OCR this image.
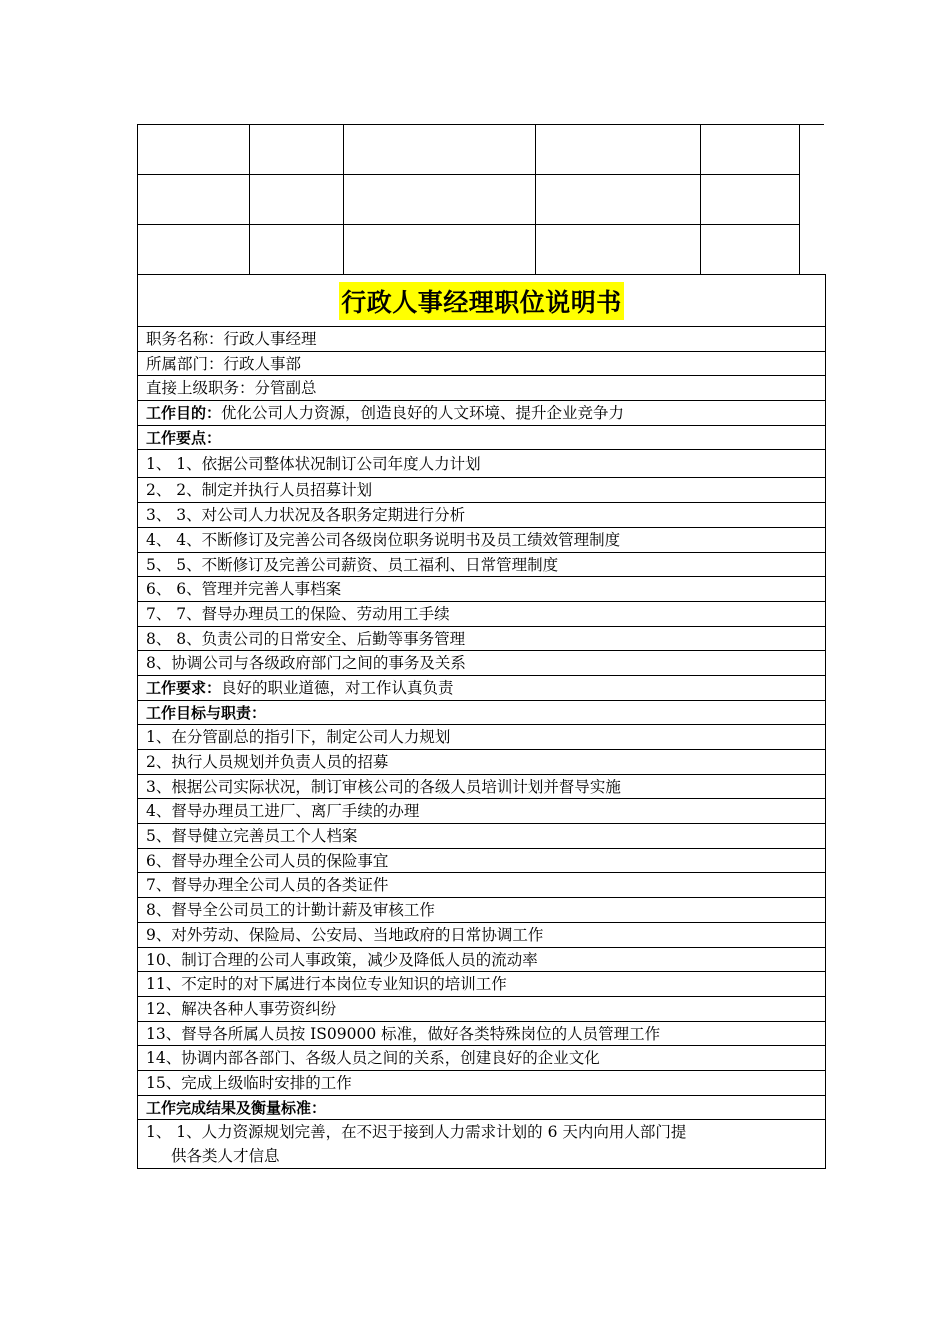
行政人事经理职位说明书
职务名称：行政人事经理
所属部门：行政人事部
直接上级职务：分管副总
工作目的：优化公司人力资源，创造良好的人文环境、提升企业竞争力
工作要点：
1、 1、依据公司整体状况制订公司年度人力计划
2、 2、制定并执行人员招募计划
3、 3、对公司人力状况及各职务定期进行分析
4、 4、不断修订及完善公司各级岗位职务说明书及员工绩效管理制度
5、 5、不断修订及完善公司薪资、员工福利、日常管理制度
6、 6、管理并完善人事档案
7、 7、督导办理员工的保险、劳动用工手续
8、 8、负责公司的日常安全、后勤等事务管理
8、协调公司与各级政府部门之间的事务及关系
工作要求：良好的职业道德，对工作认真负责
工作目标与职责：
1、在分管副总的指引下，制定公司人力规划
2、执行人员规划并负责人员的招募
3、根据公司实际状况，制订审核公司的各级人员培训计划并督导实施
4、督导办理员工进厂、离厂手续的办理
5、督导健立完善员工个人档案
6、督导办理全公司人员的保险事宜
7、督导办理全公司人员的各类证件
8、督导全公司员工的计勤计薪及审核工作
9、对外劳动、保险局、公安局、当地政府的日常协调工作
10、制订合理的公司人事政策，减少及降低人员的流动率
11、不定时的对下属进行本岗位专业知识的培训工作
12、解决各种人事劳资纠纷
13、督导各所属人员按 IS09000 标准，做好各类特殊岗位的人员管理工作
14、协调内部各部门、各级人员之间的关系，创建良好的企业文化
15、完成上级临时安排的工作
工作完成结果及衡量标准：
1、 1、人力资源规划完善，在不迟于接到人力需求计划的 6 天内向用人部门提
供各类人才信息
